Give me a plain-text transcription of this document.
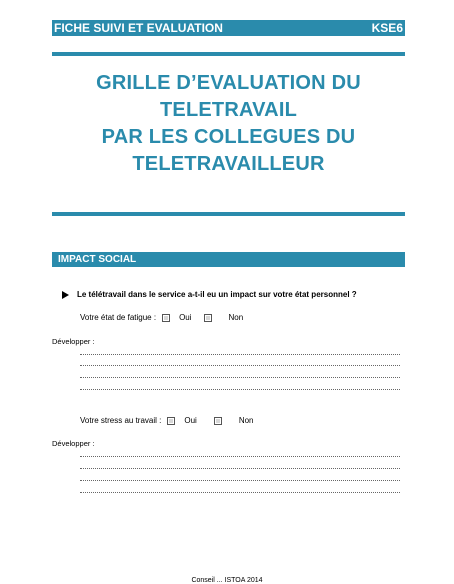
FICHE SUIVI ET EVALUATION	KSE6
GRILLE D’EVALUATION DU
TELETRAVAIL
PAR LES COLLEGUES DU
TELETRAVAILLEUR
IMPACT SOCIAL
Le télétravail dans le service a-t-il eu un impact sur votre état personnel ?
Votre état de fatigue :	Oui	Non
Développer :
Votre stress au travail :	Oui	Non
Développer :
Conseil ... ISTOA 2014
